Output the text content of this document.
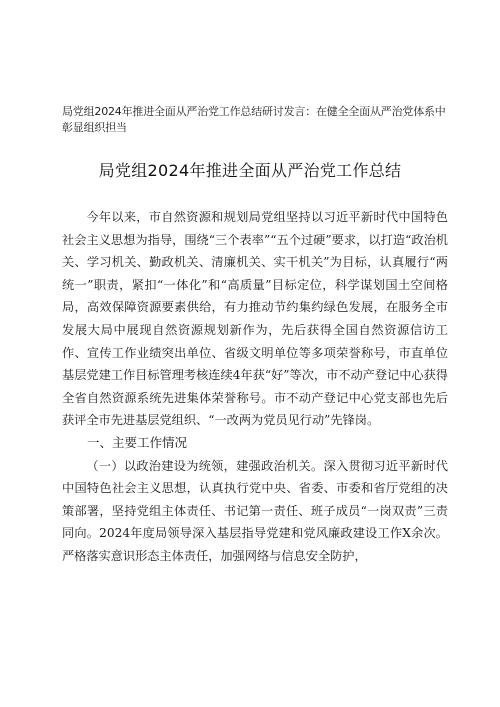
局党组2024年推进全面从严治党工作总结研讨发言：在健全全面从严治党体系中彰显组织担当
局党组2024年推进全面从严治党工作总结

今年以来，市自然资源和规划局党组坚持以习近平新时代中国特色社会主义思想为指导，围绕“三个表率”“五个过硬”要求，以打造“政治机关、学习机关、勤政机关、清廉机关、实干机关”为目标，认真履行“两统一”职责，紧扣“一体化”和“高质量”目标定位，科学谋划国土空间格局，高效保障资源要素供给，有力推动节约集约绿色发展，在服务全市发展大局中展现自然资源规划新作为，先后获得全国自然资源信访工作、宣传工作业绩突出单位、省级文明单位等多项荣誉称号，市直单位基层党建工作目标管理考核连续4年获“好”等次，市不动产登记中心获得全省自然资源系统先进集体荣誉称号。市不动产登记中心党支部也先后获评全市先进基层党组织、“一改两为党员见行动”先锋岗。

一、主要工作情况

（一）以政治建设为统领，建强政治机关。深入贯彻习近平新时代中国特色社会主义思想，认真执行党中央、省委、市委和省厅党组的决策部署，坚持党组主体责任、书记第一责任、班子成员“一岗双责”三责同向。2024年度局领导深入基层指导党建和党风廉政建设工作X余次。严格落实意识形态主体责任，加强网络与信息安全防护，
